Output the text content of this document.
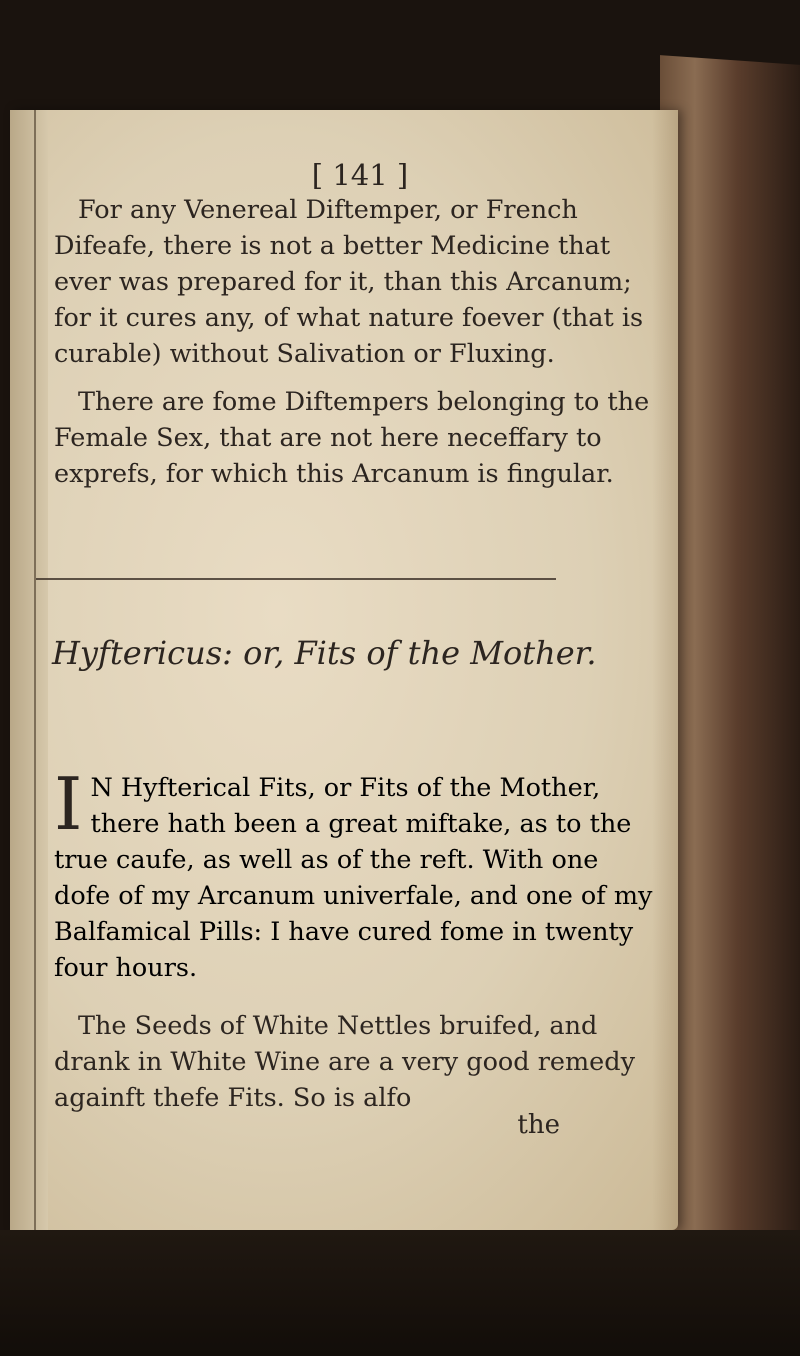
[ 141 ]
For any Venereal Diftemper, or French Difeafe, there is not a better Medicine that ever was prepared for it, than this Arcanum; for it cures any, of what nature foever (that is curable) without Salivation or Fluxing.
There are fome Diftempers belonging to the Female Sex, that are not here neceffary to exprefs, for which this Arcanum is fingular.
Hyftericus: or, Fits of the Mother.
I N Hyfterical Fits, or Fits of the Mother, there hath been a great miftake, as to the true caufe, as well as of the reft. With one dofe of my Arcanum univerfale, and one of my Balfamical Pills: I have cured fome in twenty four hours.
The Seeds of White Nettles bruifed, and drank in White Wine are a very good remedy againft thefe Fits. So is alfo
the
